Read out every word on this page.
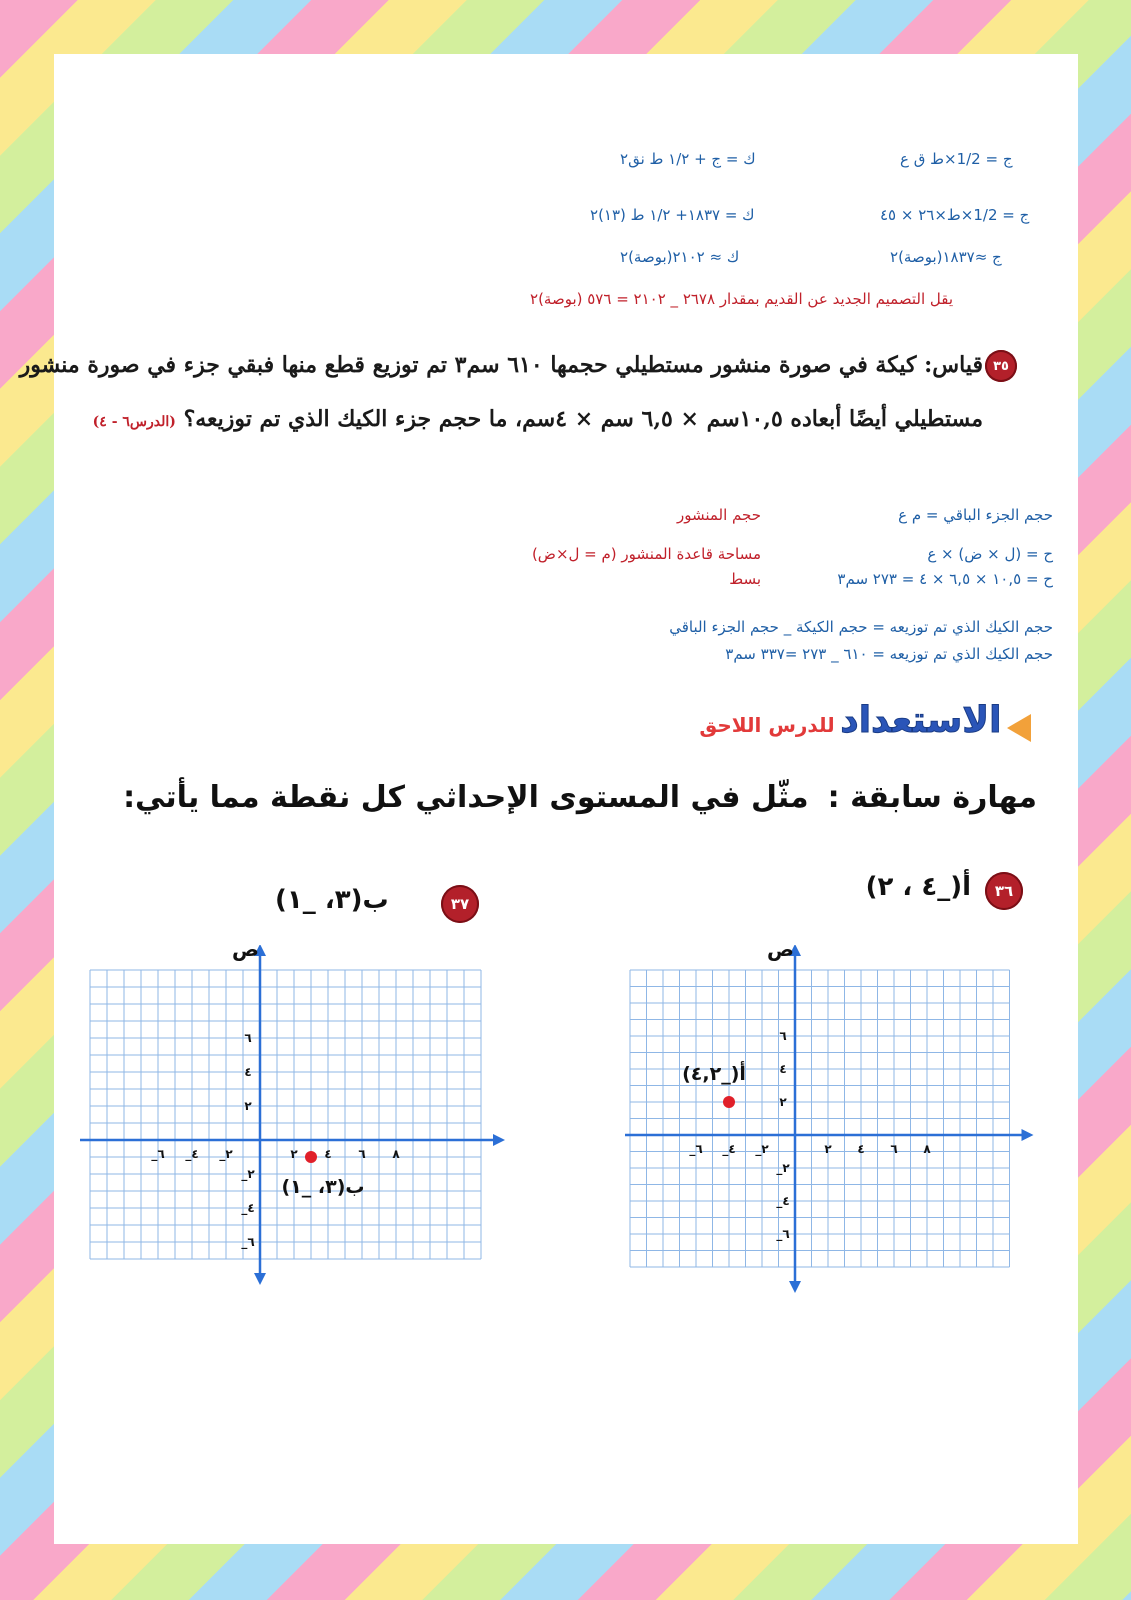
ك = ج + ١/٢ ط نق٢	ج = 1/2×ط ق ع
ك = ١٨٣٧+ ١/٢ ط (١٣)٢	ج = 1/2×ط×٢٦ × ٤٥
ك ≈ ٢١٠٢(بوصة)٢	ج ≈١٨٣٧(بوصة)٢
يقل التصميم الجديد عن القديم بمقدار ٢٦٧٨ _ ٢١٠٢ = ٥٧٦ (بوصة)٢
٣٥
قياس: كيكة في صورة منشور مستطيلي حجمها ٦١٠ سم٣ تم توزيع قطع منها فبقي جزء في صورة منشور
مستطيلي أيضًا أبعاده ١٠,٥سم × ٦,٥ سم × ٤سم، ما حجم جزء الكيك الذي تم توزيعه؟ (الدرس٦ - ٤)
حجم الجزء الباقي = م ع
حجم المنشور
ح = (ل × ض) × ع
مساحة قاعدة المنشور (م = ل×ض)
ح = ١٠,٥ × ٦,٥ × ٤ = ٢٧٣ سم٣
بسط
حجم الكيك الذي تم توزيعه = حجم الكيكة _ حجم الجزء الباقي
حجم الكيك الذي تم توزيعه = ٦١٠ _ ٢٧٣ =٣٣٧ سم٣
الاستعداد للدرس اللاحق
مهارة سابقة : مثّل في المستوى الإحداثي كل نقطة مما يأتي:
٣٦
أ(_٤ ، ٢)
٣٧
ب(٣، _١)
ص
_٦ _٤ _٢	٢ ٤ ٦ ٨
٦
٤
٢
_٢
_٤
_٦
ب(٣، _١)
ص
_٦ _٤ _٢	٢ ٤ ٦ ٨
٦
٤
٢
_٢
_٤
_٦
أ(_٤,٢)
